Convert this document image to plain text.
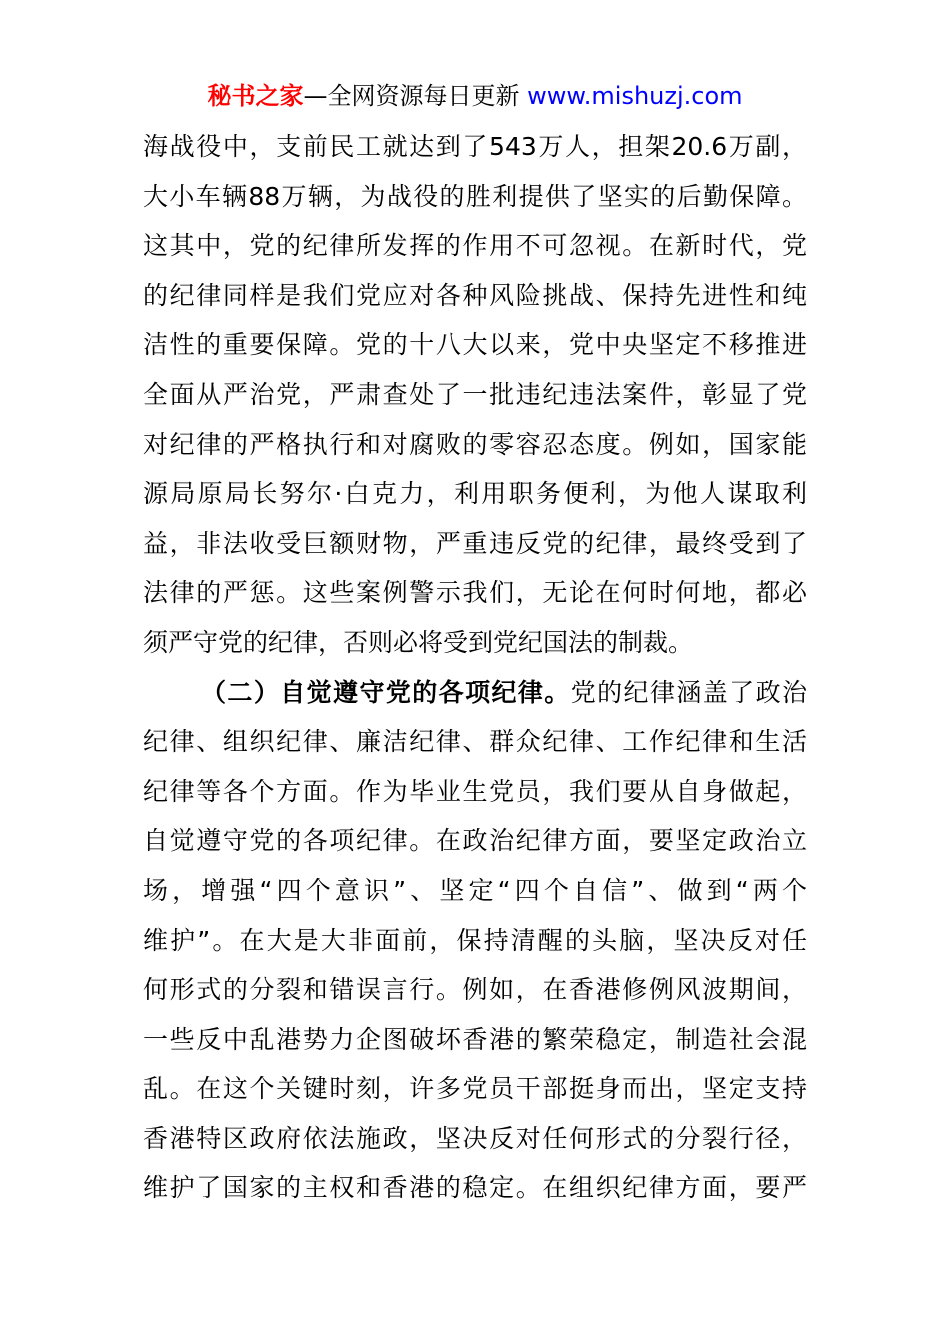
秘书之家—全网资源每日更新 www.mishuzj.com
海战役中，支前民工就达到了543万人，担架20.6万副，
大小车辆88万辆，为战役的胜利提供了坚实的后勤保障。
这其中，党的纪律所发挥的作用不可忽视。在新时代，党
的纪律同样是我们党应对各种风险挑战、保持先进性和纯
洁性的重要保障。党的十八大以来，党中央坚定不移推进
全面从严治党，严肃查处了一批违纪违法案件，彰显了党
对纪律的严格执行和对腐败的零容忍态度。例如，国家能
源局原局长努尔·白克力，利用职务便利，为他人谋取利
益，非法收受巨额财物，严重违反党的纪律，最终受到了
法律的严惩。这些案例警示我们，无论在何时何地，都必
须严守党的纪律，否则必将受到党纪国法的制裁。
（二）自觉遵守党的各项纪律。党的纪律涵盖了政治
纪律、组织纪律、廉洁纪律、群众纪律、工作纪律和生活
纪律等各个方面。作为毕业生党员，我们要从自身做起，
自觉遵守党的各项纪律。在政治纪律方面，要坚定政治立
场，增强“四个意识”、坚定“四个自信”、做到“两个
维护”。在大是大非面前，保持清醒的头脑，坚决反对任
何形式的分裂和错误言行。例如，在香港修例风波期间，
一些反中乱港势力企图破坏香港的繁荣稳定，制造社会混
乱。在这个关键时刻，许多党员干部挺身而出，坚定支持
香港特区政府依法施政，坚决反对任何形式的分裂行径，
维护了国家的主权和香港的稳定。在组织纪律方面，要严
